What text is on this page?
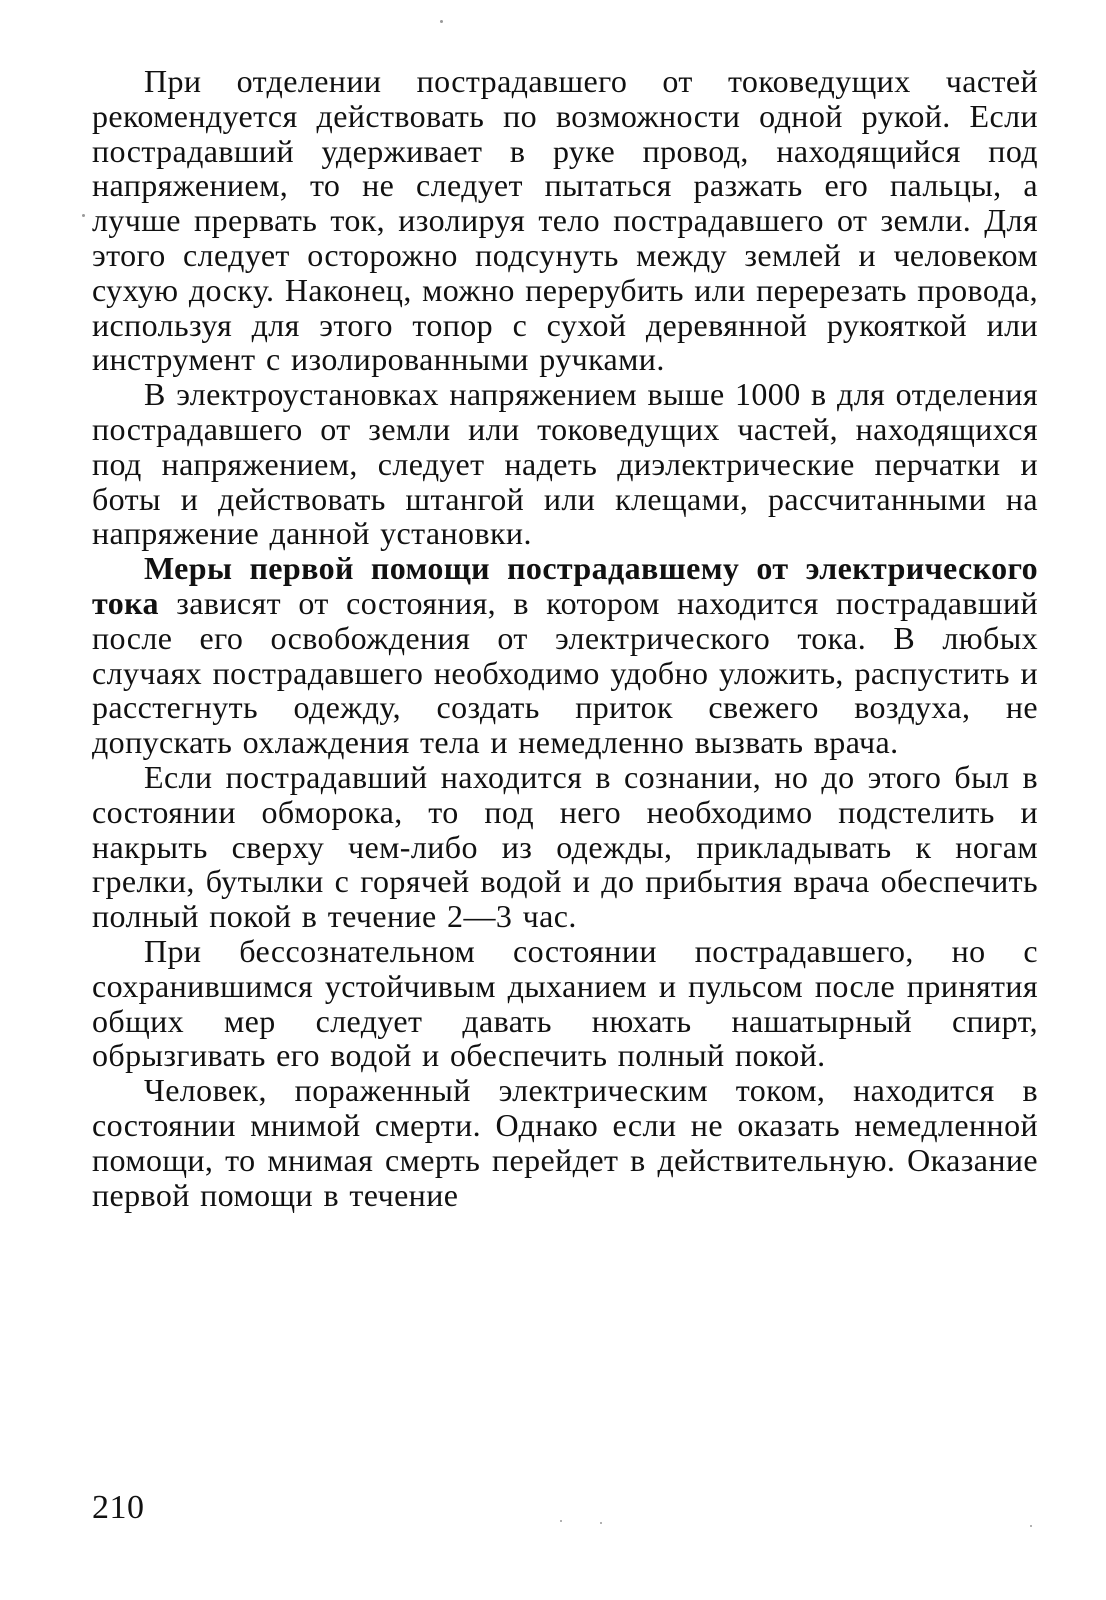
При отделении пострадавшего от токоведущих частей рекомендуется действовать по возможности одной рукой. Если пострадавший удерживает в руке провод, находящийся под напряжением, то не следует пытаться разжать его пальцы, а лучше прервать ток, изолируя тело пострадавшего от земли. Для этого следует осторожно подсунуть между землей и человеком сухую доску. Наконец, можно перерубить или перерезать провода, используя для этого топор с сухой деревянной рукояткой или инструмент с изолированными ручками.

В электроустановках напряжением выше 1000 в для отделения пострадавшего от земли или токоведущих частей, находящихся под напряжением, следует надеть диэлектрические перчатки и боты и действовать штангой или клещами, рассчитанными на напряжение данной установки.

Меры первой помощи пострадавшему от электрического тока зависят от состояния, в котором находится пострадавший после его освобождения от электрического тока. В любых случаях пострадавшего необходимо удобно уложить, распустить и расстегнуть одежду, создать приток свежего воздуха, не допускать охлаждения тела и немедленно вызвать врача.

Если пострадавший находится в сознании, но до этого был в состоянии обморока, то под него необходимо подстелить и накрыть сверху чем-либо из одежды, прикладывать к ногам грелки, бутылки с горячей водой и до прибытия врача обеспечить полный покой в течение 2—3 час.

При бессознательном состоянии пострадавшего, но с сохранившимся устойчивым дыханием и пульсом после принятия общих мер следует давать нюхать нашатырный спирт, обрызгивать его водой и обеспечить полный покой.

Человек, пораженный электрическим током, находится в состоянии мнимой смерти. Однако если не оказать немедленной помощи, то мнимая смерть перейдет в действительную. Оказание первой помощи в течение

210
